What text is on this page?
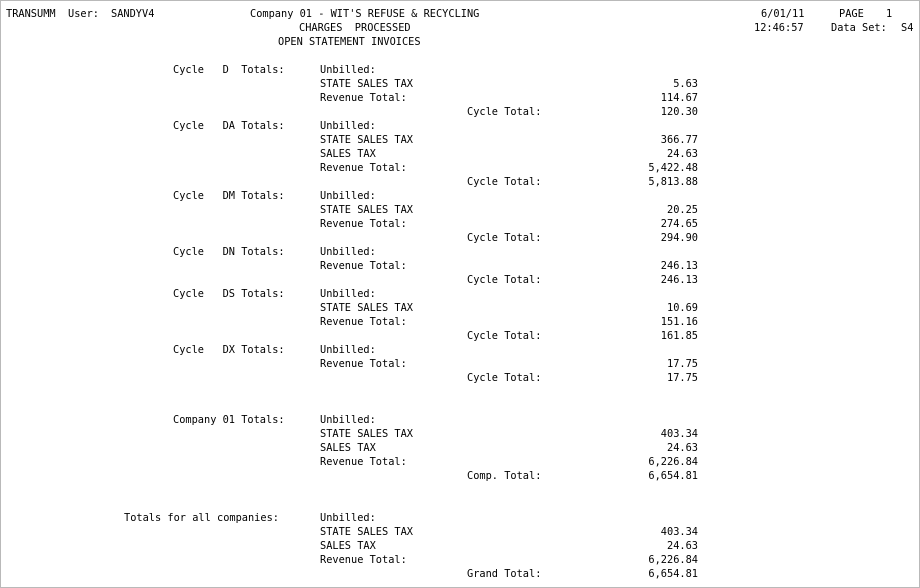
TRANSUMM User: SANDYV4	Company 01 - WIT'S REFUSE & RECYCLING
CHARGES  PROCESSED
OPEN STATEMENT INVOICES
6/01/11	PAGE 1
12:46:57	Data Set: S4
Cycle   D  Totals:	Unbilled:
STATE SALES TAX	5.63
Revenue Total:	114.67
Cycle Total:	120.30
Cycle   DA Totals:	Unbilled:
STATE SALES TAX	366.77
SALES TAX	24.63
Revenue Total:	5,422.48
Cycle Total:	5,813.88
Cycle   DM Totals:	Unbilled:
STATE SALES TAX	20.25
Revenue Total:	274.65
Cycle Total:	294.90
Cycle   DN Totals:	Unbilled:
Revenue Total:	246.13
Cycle Total:	246.13
Cycle   DS Totals:	Unbilled:
STATE SALES TAX	10.69
Revenue Total:	151.16
Cycle Total:	161.85
Cycle   DX Totals:	Unbilled:
Revenue Total:	17.75
Cycle Total:	17.75
Company 01 Totals:	Unbilled:
STATE SALES TAX	403.34
SALES TAX	24.63
Revenue Total:	6,226.84
Comp. Total:	6,654.81
Totals for all companies:	Unbilled:
STATE SALES TAX	403.34
SALES TAX	24.63
Revenue Total:	6,226.84
Grand Total:	6,654.81
